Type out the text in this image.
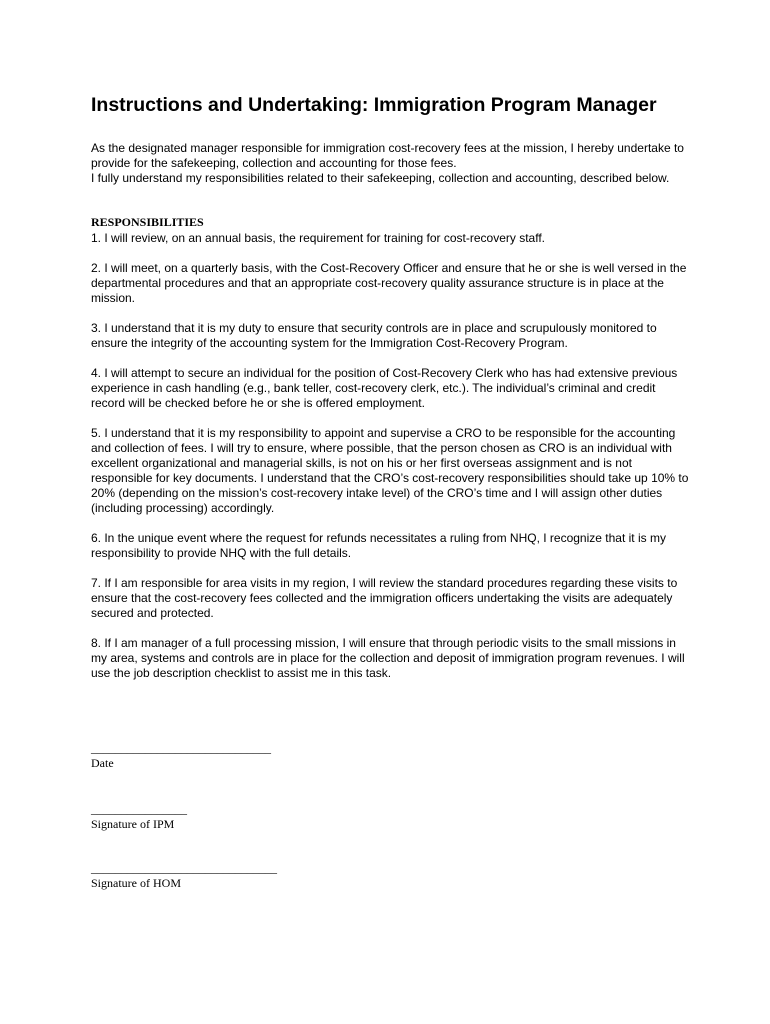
Instructions and Undertaking: Immigration Program Manager

As the designated manager responsible for immigration cost-recovery fees at the mission, I hereby undertake to provide for the safekeeping, collection and accounting for those fees.

I fully understand my responsibilities related to their safekeeping, collection and accounting, described below.

RESPONSIBILITIES
1. I will review, on an annual basis, the requirement for training for cost-recovery staff.
2. I will meet, on a quarterly basis, with the Cost-Recovery Officer and ensure that he or she is well versed in the departmental procedures and that an appropriate cost-recovery quality assurance structure is in place at the mission.
3. I understand that it is my duty to ensure that security controls are in place and scrupulously monitored to ensure the integrity of the accounting system for the Immigration Cost-Recovery Program.
4. I will attempt to secure an individual for the position of Cost-Recovery Clerk who has had extensive previous experience in cash handling (e.g., bank teller, cost-recovery clerk, etc.). The individual’s criminal and credit record will be checked before he or she is offered employment.
5. I understand that it is my responsibility to appoint and supervise a CRO to be responsible for the accounting and collection of fees. I will try to ensure, where possible, that the person chosen as CRO is an individual with excellent organizational and managerial skills, is not on his or her first overseas assignment and is not responsible for key documents. I understand that the CRO’s cost-recovery responsibilities should take up 10% to 20% (depending on the mission’s cost-recovery intake level) of the CRO’s time and I will assign other duties (including processing) accordingly.
6. In the unique event where the request for refunds necessitates a ruling from NHQ, I recognize that it is my responsibility to provide NHQ with the full details.
7. If I am responsible for area visits in my region, I will review the standard procedures regarding these visits to ensure that the cost-recovery fees collected and the immigration officers undertaking the visits are adequately secured and protected.
8. If I am manager of a full processing mission, I will ensure that through periodic visits to the small missions in my area, systems and controls are in place for the collection and deposit of immigration program revenues. I will use the job description checklist to assist me in this task.
______________________________
Date
________________
Signature of IPM
_______________________________
Signature of HOM
